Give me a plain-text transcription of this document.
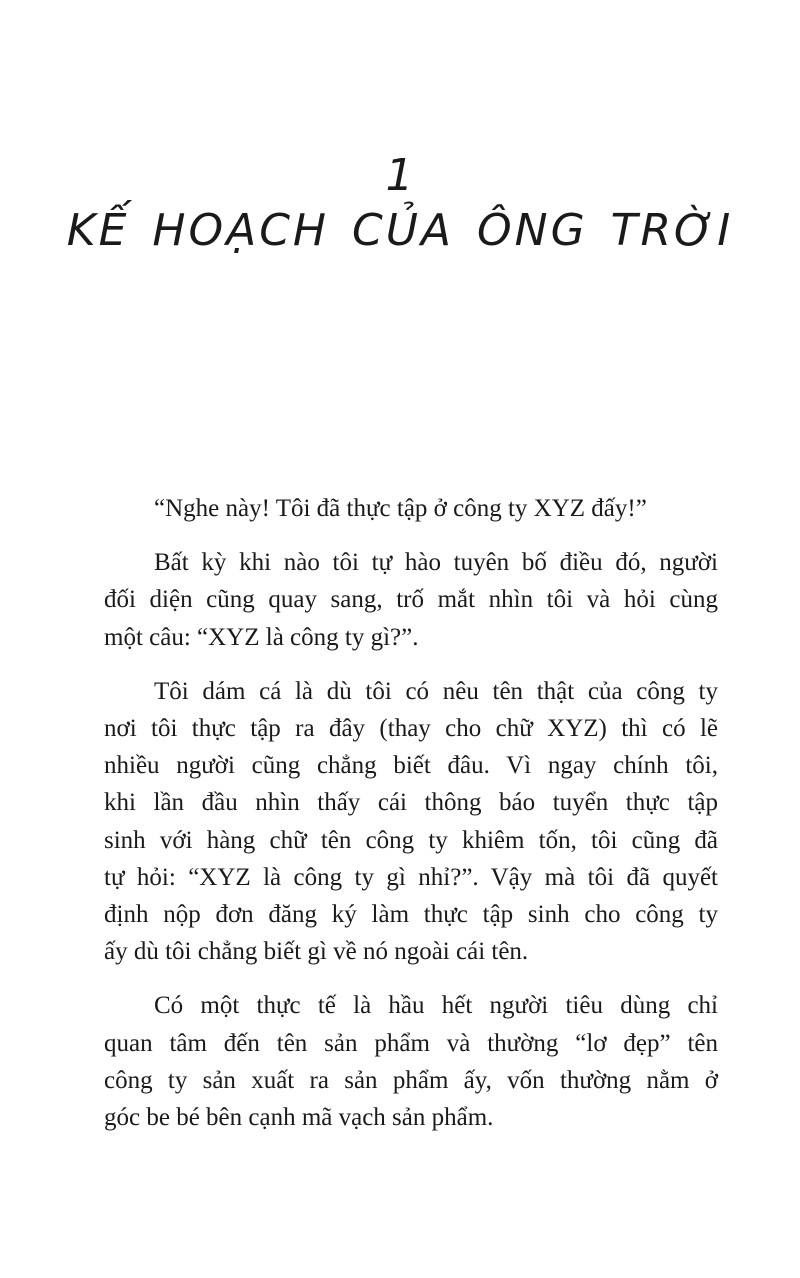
1
KẾ HOẠCH CỦA ÔNG TRỜI

“Nghe này! Tôi đã thực tập ở công ty XYZ đấy!”

Bất kỳ khi nào tôi tự hào tuyên bố điều đó, người
đối diện cũng quay sang, trố mắt nhìn tôi và hỏi cùng
một câu: “XYZ là công ty gì?”.

Tôi dám cá là dù tôi có nêu tên thật của công ty
nơi tôi thực tập ra đây (thay cho chữ XYZ) thì có lẽ
nhiều người cũng chẳng biết đâu. Vì ngay chính tôi,
khi lần đầu nhìn thấy cái thông báo tuyển thực tập
sinh với hàng chữ tên công ty khiêm tốn, tôi cũng đã
tự hỏi: “XYZ là công ty gì nhỉ?”. Vậy mà tôi đã quyết
định nộp đơn đăng ký làm thực tập sinh cho công ty
ấy dù tôi chẳng biết gì về nó ngoài cái tên.

Có một thực tế là hầu hết người tiêu dùng chỉ
quan tâm đến tên sản phẩm và thường “lơ đẹp” tên
công ty sản xuất ra sản phẩm ấy, vốn thường nằm ở
góc be bé bên cạnh mã vạch sản phẩm.
